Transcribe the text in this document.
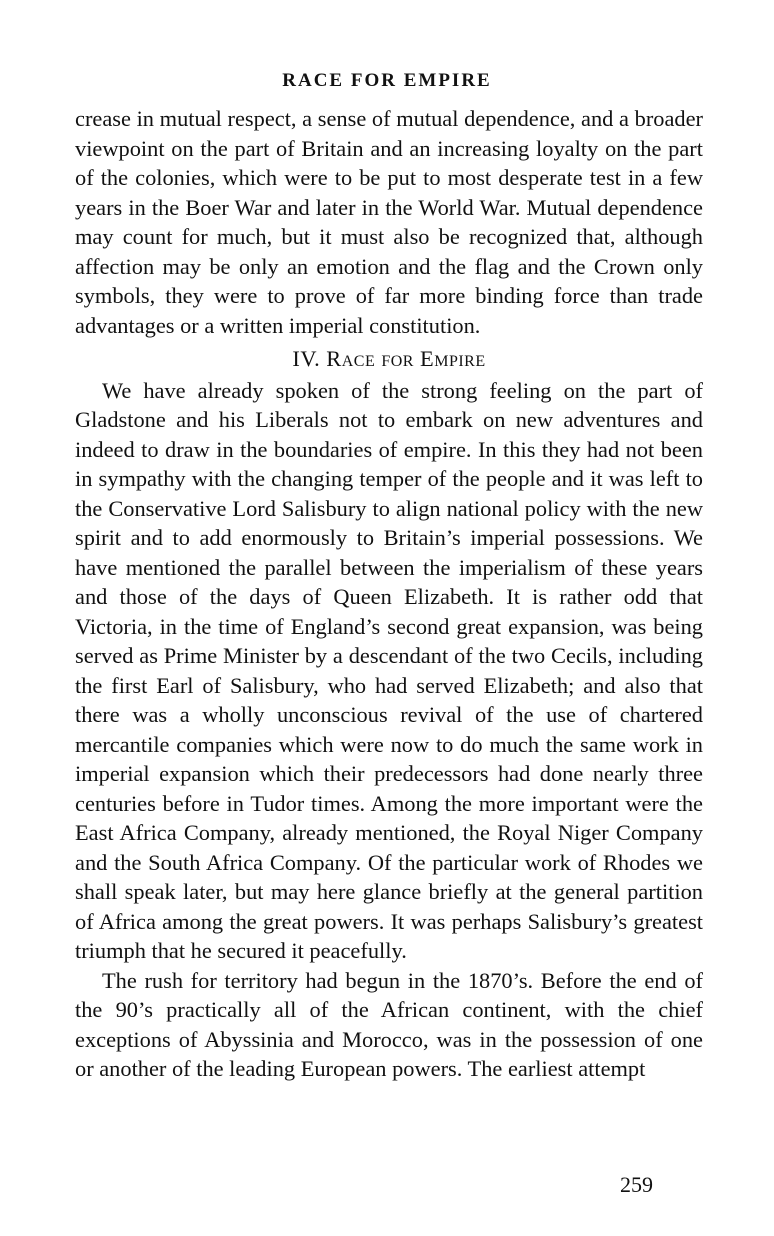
RACE FOR EMPIRE

crease in mutual respect, a sense of mutual dependence, and a broader viewpoint on the part of Britain and an increasing loyalty on the part of the colonies, which were to be put to most desperate test in a few years in the Boer War and later in the World War. Mutual dependence may count for much, but it must also be recognized that, although affection may be only an emotion and the flag and the Crown only symbols, they were to prove of far more binding force than trade advantages or a written imperial constitution.

IV. Race for Empire

We have already spoken of the strong feeling on the part of Gladstone and his Liberals not to embark on new adventures and indeed to draw in the boundaries of empire. In this they had not been in sympathy with the changing temper of the people and it was left to the Conservative Lord Salisbury to align national policy with the new spirit and to add enormously to Britain’s imperial possessions. We have mentioned the parallel between the imperialism of these years and those of the days of Queen Elizabeth. It is rather odd that Victoria, in the time of England’s second great expansion, was being served as Prime Minister by a descendant of the two Cecils, including the first Earl of Salisbury, who had served Elizabeth; and also that there was a wholly unconscious revival of the use of chartered mercantile companies which were now to do much the same work in imperial expansion which their predecessors had done nearly three centuries before in Tudor times. Among the more important were the East Africa Company, already mentioned, the Royal Niger Company and the South Africa Company. Of the particular work of Rhodes we shall speak later, but may here glance briefly at the general partition of Africa among the great powers. It was perhaps Salisbury’s greatest triumph that he secured it peacefully.

The rush for territory had begun in the 1870’s. Before the end of the 90’s practically all of the African continent, with the chief exceptions of Abyssinia and Morocco, was in the possession of one or another of the leading European powers. The earliest attempt

259
